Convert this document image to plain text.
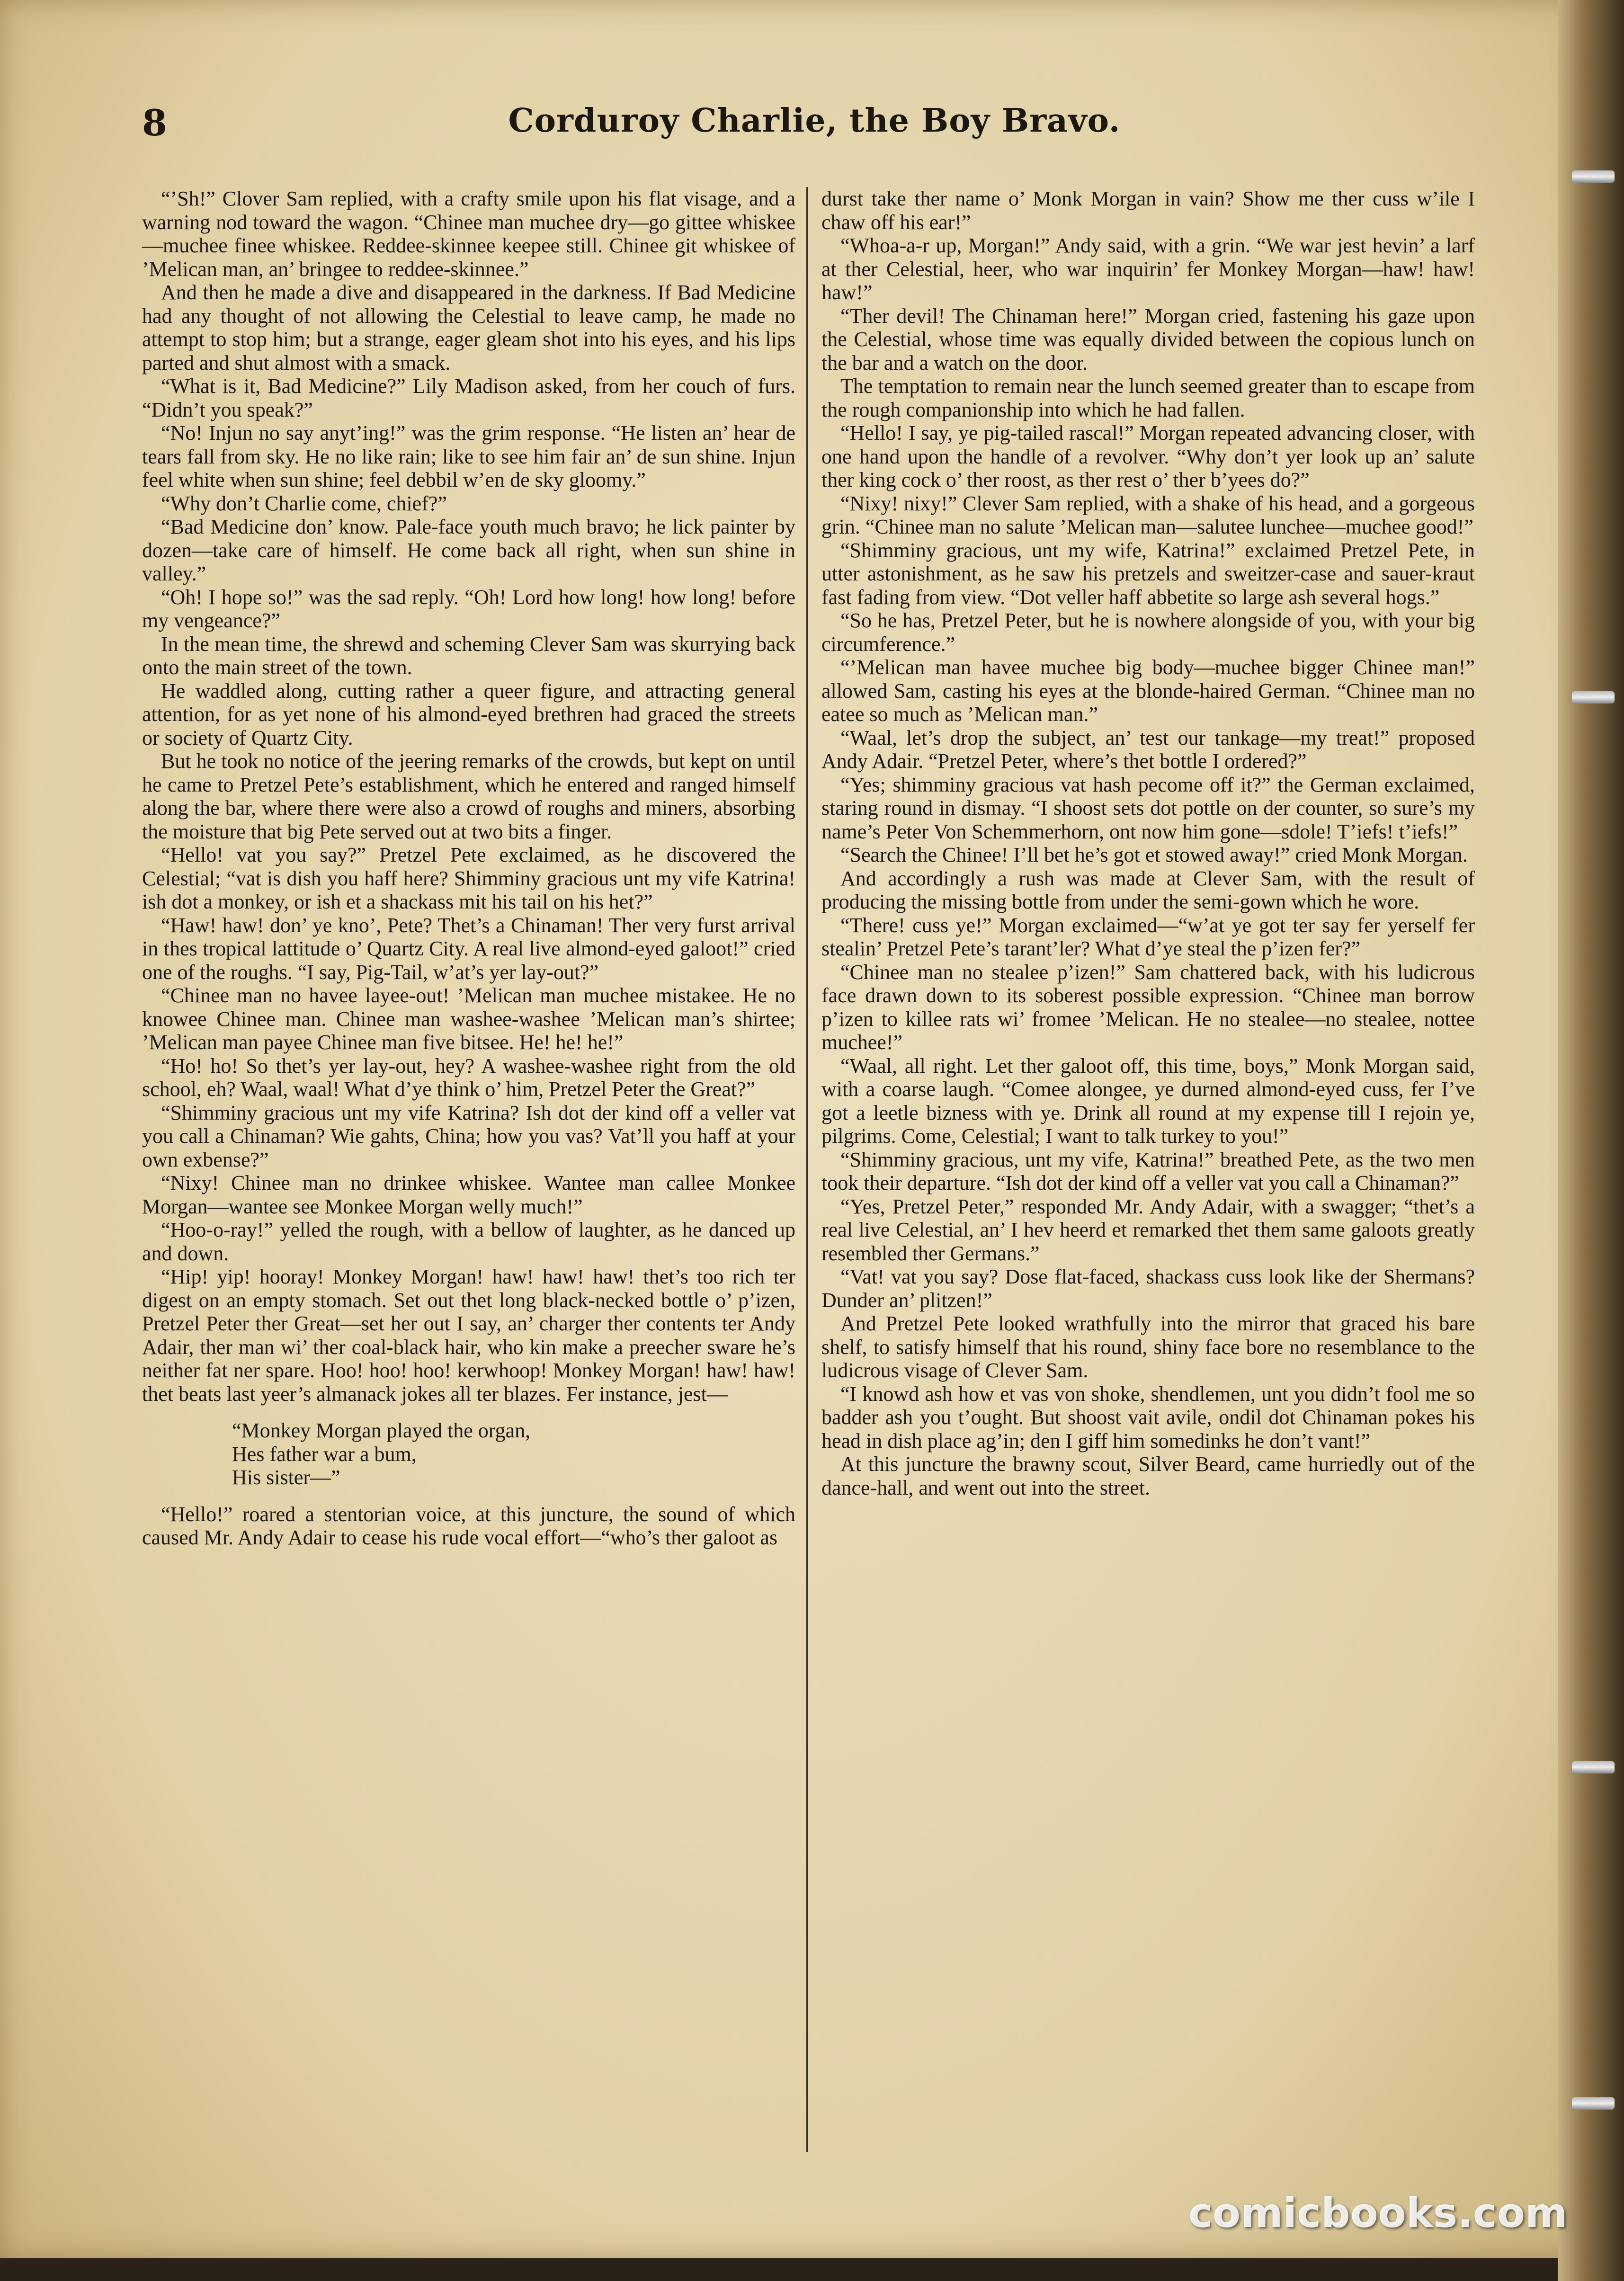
8	Corduroy Charlie, the Boy Bravo.

“’Sh!” Clover Sam replied, with a crafty smile upon his flat visage, and a warning nod toward the wagon. “Chinee man muchee dry—go gittee whiskee—muchee finee whiskee. Reddee-skinnee keepee still. Chinee git whiskee of ’Melican man, an’ bringee to reddee-skinnee.”

And then he made a dive and disappeared in the darkness. If Bad Medicine had any thought of not allowing the Celestial to leave camp, he made no attempt to stop him; but a strange, eager gleam shot into his eyes, and his lips parted and shut almost with a smack.

“What is it, Bad Medicine?” Lily Madison asked, from her couch of furs. “Didn’t you speak?”

“No! Injun no say anyt’ing!” was the grim response. “He listen an’ hear de tears fall from sky. He no like rain; like to see him fair an’ de sun shine. Injun feel white when sun shine; feel debbil w’en de sky gloomy.”

“Why don’t Charlie come, chief?”

“Bad Medicine don’ know. Pale-face youth much bravo; he lick painter by dozen—take care of himself. He come back all right, when sun shine in valley.”

“Oh! I hope so!” was the sad reply. “Oh! Lord how long! how long! before my vengeance?”

In the mean time, the shrewd and scheming Clever Sam was skurrying back onto the main street of the town.

He waddled along, cutting rather a queer figure, and attracting general attention, for as yet none of his almond-eyed brethren had graced the streets or society of Quartz City.

But he took no notice of the jeering remarks of the crowds, but kept on until he came to Pretzel Pete’s establishment, which he entered and ranged himself along the bar, where there were also a crowd of roughs and miners, absorbing the moisture that big Pete served out at two bits a finger.

“Hello! vat you say?” Pretzel Pete exclaimed, as he discovered the Celestial; “vat is dish you haff here? Shimminy gracious unt my vife Katrina! ish dot a monkey, or ish et a shackass mit his tail on his het?”

“Haw! haw! don’ ye kno’, Pete? Thet’s a Chinaman! Ther very furst arrival in thes tropical lattitude o’ Quartz City. A real live almond-eyed galoot!” cried one of the roughs. “I say, Pig-Tail, w’at’s yer lay-out?”

“Chinee man no havee layee-out! ’Melican man muchee mistakee. He no knowee Chinee man. Chinee man washee-washee ’Melican man’s shirtee; ’Melican man payee Chinee man five bitsee. He! he! he!”

“Ho! ho! So thet’s yer lay-out, hey? A washee-washee right from the old school, eh? Waal, waal! What d’ye think o’ him, Pretzel Peter the Great?”

“Shimminy gracious unt my vife Katrina? Ish dot der kind off a veller vat you call a Chinaman? Wie gahts, China; how you vas? Vat’ll you haff at your own exbense?”

“Nixy! Chinee man no drinkee whiskee. Wantee man callee Monkee Morgan—wantee see Monkee Morgan welly much!”

“Hoo-o-ray!” yelled the rough, with a bellow of laughter, as he danced up and down.

“Hip! yip! hooray! Monkey Morgan! haw! haw! haw! thet’s too rich ter digest on an empty stomach. Set out thet long black-necked bottle o’ p’izen, Pretzel Peter ther Great—set her out I say, an’ charger ther contents ter Andy Adair, ther man wi’ ther coal-black hair, who kin make a preecher sware he’s neither fat ner spare. Hoo! hoo! hoo! kerwhoop! Monkey Morgan! haw! haw! thet beats last yeer’s almanack jokes all ter blazes. Fer instance, jest—

“Monkey Morgan played the organ,
Hes father war a bum,
His sister—”

“Hello!” roared a stentorian voice, at this juncture, the sound of which caused Mr. Andy Adair to cease his rude vocal effort—“who’s ther galoot as

durst take ther name o’ Monk Morgan in vain? Show me ther cuss w’ile I chaw off his ear!”

“Whoa-a-r up, Morgan!” Andy said, with a grin. “We war jest hevin’ a larf at ther Celestial, heer, who war inquirin’ fer Monkey Morgan—haw! haw! haw!”

“Ther devil! The Chinaman here!” Morgan cried, fastening his gaze upon the Celestial, whose time was equally divided between the copious lunch on the bar and a watch on the door.

The temptation to remain near the lunch seemed greater than to escape from the rough companionship into which he had fallen.

“Hello! I say, ye pig-tailed rascal!” Morgan repeated advancing closer, with one hand upon the handle of a revolver. “Why don’t yer look up an’ salute ther king cock o’ ther roost, as ther rest o’ ther b’yees do?”

“Nixy! nixy!” Clever Sam replied, with a shake of his head, and a gorgeous grin. “Chinee man no salute ’Melican man—salutee lunchee—muchee good!”

“Shimminy gracious, unt my wife, Katrina!” exclaimed Pretzel Pete, in utter astonishment, as he saw his pretzels and sweitzer-case and sauer-kraut fast fading from view. “Dot veller haff abbetite so large ash several hogs.”

“So he has, Pretzel Peter, but he is nowhere alongside of you, with your big circumference.”

“’Melican man havee muchee big body—muchee bigger Chinee man!” allowed Sam, casting his eyes at the blonde-haired German. “Chinee man no eatee so much as ’Melican man.”

“Waal, let’s drop the subject, an’ test our tankage—my treat!” proposed Andy Adair. “Pretzel Peter, where’s thet bottle I ordered?”

“Yes; shimminy gracious vat hash pecome off it?” the German exclaimed, staring round in dismay. “I shoost sets dot pottle on der counter, so sure’s my name’s Peter Von Schemmerhorn, ont now him gone—sdole! T’iefs! t’iefs!”

“Search the Chinee! I’ll bet he’s got et stowed away!” cried Monk Morgan.

And accordingly a rush was made at Clever Sam, with the result of producing the missing bottle from under the semi-gown which he wore.

“There! cuss ye!” Morgan exclaimed—“w’at ye got ter say fer yerself fer stealin’ Pretzel Pete’s tarant’ler? What d’ye steal the p’izen fer?”

“Chinee man no stealee p’izen!” Sam chattered back, with his ludicrous face drawn down to its soberest possible expression. “Chinee man borrow p’izen to killee rats wi’ fromee ’Melican. He no stealee—no stealee, nottee muchee!”

“Waal, all right. Let ther galoot off, this time, boys,” Monk Morgan said, with a coarse laugh. “Comee alongee, ye durned almond-eyed cuss, fer I’ve got a leetle bizness with ye. Drink all round at my expense till I rejoin ye, pilgrims. Come, Celestial; I want to talk turkey to you!”

“Shimminy gracious, unt my vife, Katrina!” breathed Pete, as the two men took their departure. “Ish dot der kind off a veller vat you call a Chinaman?”

“Yes, Pretzel Peter,” responded Mr. Andy Adair, with a swagger; “thet’s a real live Celestial, an’ I hev heerd et remarked thet them same galoots greatly resembled ther Germans.”

“Vat! vat you say? Dose flat-faced, shackass cuss look like der Shermans? Dunder an’ plitzen!”

And Pretzel Pete looked wrathfully into the mirror that graced his bare shelf, to satisfy himself that his round, shiny face bore no resemblance to the ludicrous visage of Clever Sam.

“I knowd ash how et vas von shoke, shendlemen, unt you didn’t fool me so badder ash you t’ought. But shoost vait avile, ondil dot Chinaman pokes his head in dish place ag’in; den I giff him somedinks he don’t vant!”

At this juncture the brawny scout, Silver Beard, came hurriedly out of the dance-hall, and went out into the street.

comicbooks.com
